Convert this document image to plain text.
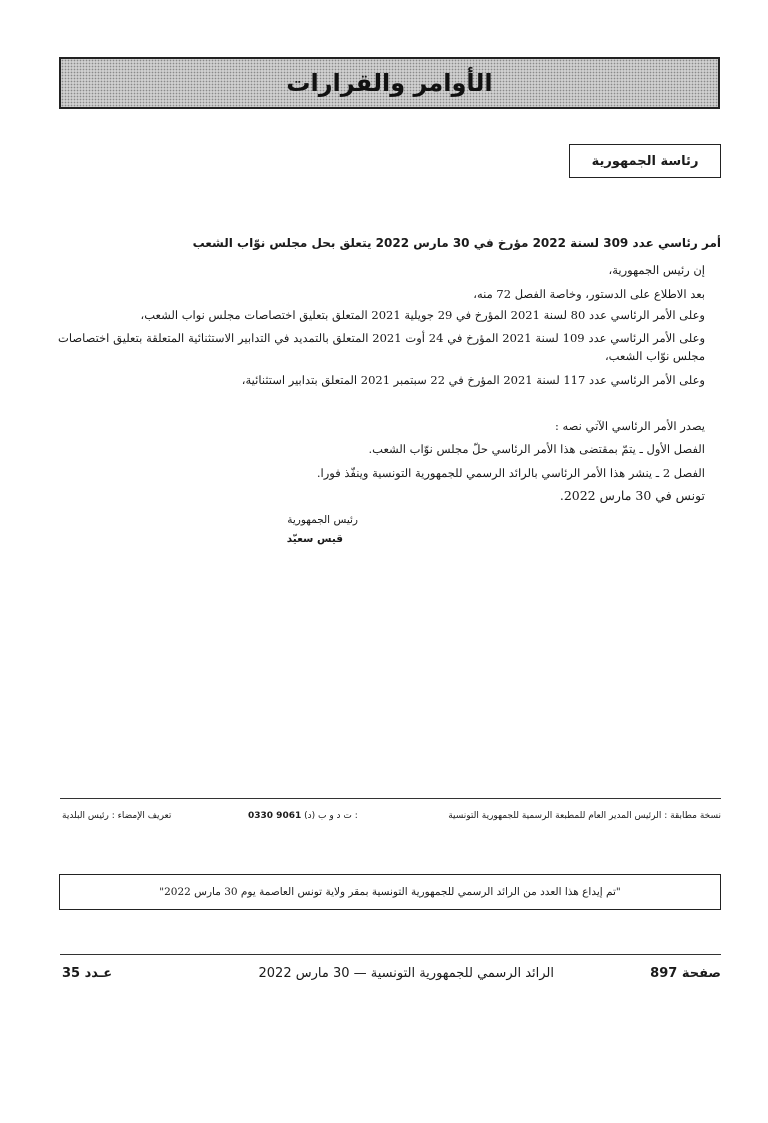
الأوامر والقرارات
رئاسة الجمهورية
أمر رئاسي عدد 309 لسنة 2022 مؤرخ في 30 مارس 2022 يتعلق بحل مجلس نوّاب الشعب
إن رئيس الجمهورية،
بعد الاطلاع على الدستور، وخاصة الفصل 72 منه،
وعلى الأمر الرئاسي عدد 80 لسنة 2021 المؤرخ في 29 جويلية 2021 المتعلق بتعليق اختصاصات مجلس نواب الشعب،
وعلى الأمر الرئاسي عدد 109 لسنة 2021 المؤرخ في 24 أوت 2021 المتعلق بالتمديد في التدابير الاستثنائية المتعلقة بتعليق اختصاصات مجلس نوّاب الشعب،
وعلى الأمر الرئاسي عدد 117 لسنة 2021 المؤرخ في 22 سبتمبر 2021 المتعلق بتدابير استثنائية،
يصدر الأمر الرئاسي الآتي نصه :
الفصل الأول ـ يتمّ بمقتضى هذا الأمر الرئاسي حلّ مجلس نوّاب الشعب.
الفصل 2 ـ ينشر هذا الأمر الرئاسي بالرائد الرسمي للجمهورية التونسية وينفّذ فورا.
تونس في 30 مارس 2022.
رئيس الجمهورية
قيس سعيّد
نسخة مطابقة : الرئيس المدير العام للمطبعة الرسمية للجمهورية التونسية
0330 9061 ت د و ب (د) :
تعريف الإمضاء : رئيس البلدية
"تم إيداع هذا العدد من الرائد الرسمي للجمهورية التونسية بمقر ولاية تونس العاصمة يوم 30 مارس 2022"
صفحة 897
الرائد الرسمي للجمهورية التونسية — 30 مارس 2022
عـدد 35
